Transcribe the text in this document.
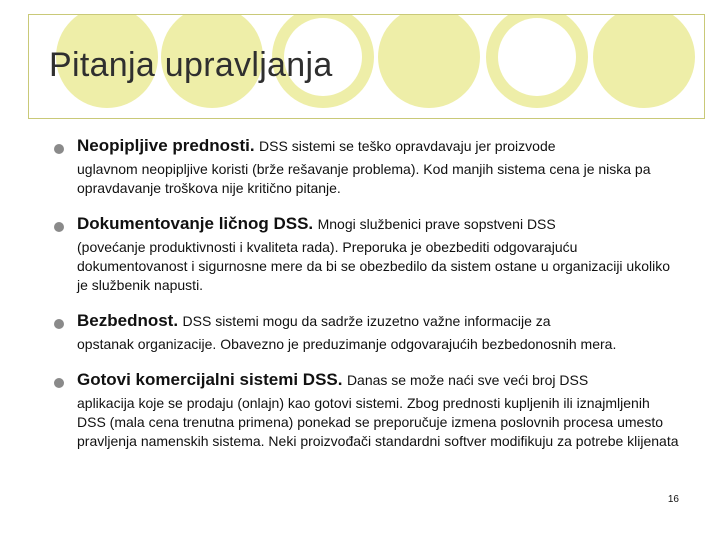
Pitanja upravljanja
Neopipljive prednosti. DSS sistemi se teško opravdavaju jer proizvode
uglavnom neopipljive koristi (brže rešavanje problema). Kod manjih sistema cena je niska pa opravdavanje troškova nije kritično pitanje.
Dokumentovanje ličnog DSS. Mnogi službenici prave sopstveni DSS
(povećanje produktivnosti i kvaliteta rada). Preporuka je obezbediti odgovarajuću dokumentovanost i sigurnosne mere da bi se obezbedilo da sistem ostane u organizaciji ukoliko je službenik napusti.
Bezbednost. DSS sistemi mogu da sadrže izuzetno važne informacije za
opstanak organizacije. Obavezno je preduzimanje odgovarajućih bezbedonosnih mera.
Gotovi komercijalni sistemi DSS. Danas se može naći sve veći broj DSS
aplikacija koje se prodaju (onlajn) kao gotovi sistemi. Zbog prednosti kupljenih ili iznajmljenih DSS (mala cena trenutna primena) ponekad se preporučuje izmena poslovnih procesa umesto pravljenja namenskih sistema. Neki proizvođači standardni softver modifikuju za potrebe klijenata
16
